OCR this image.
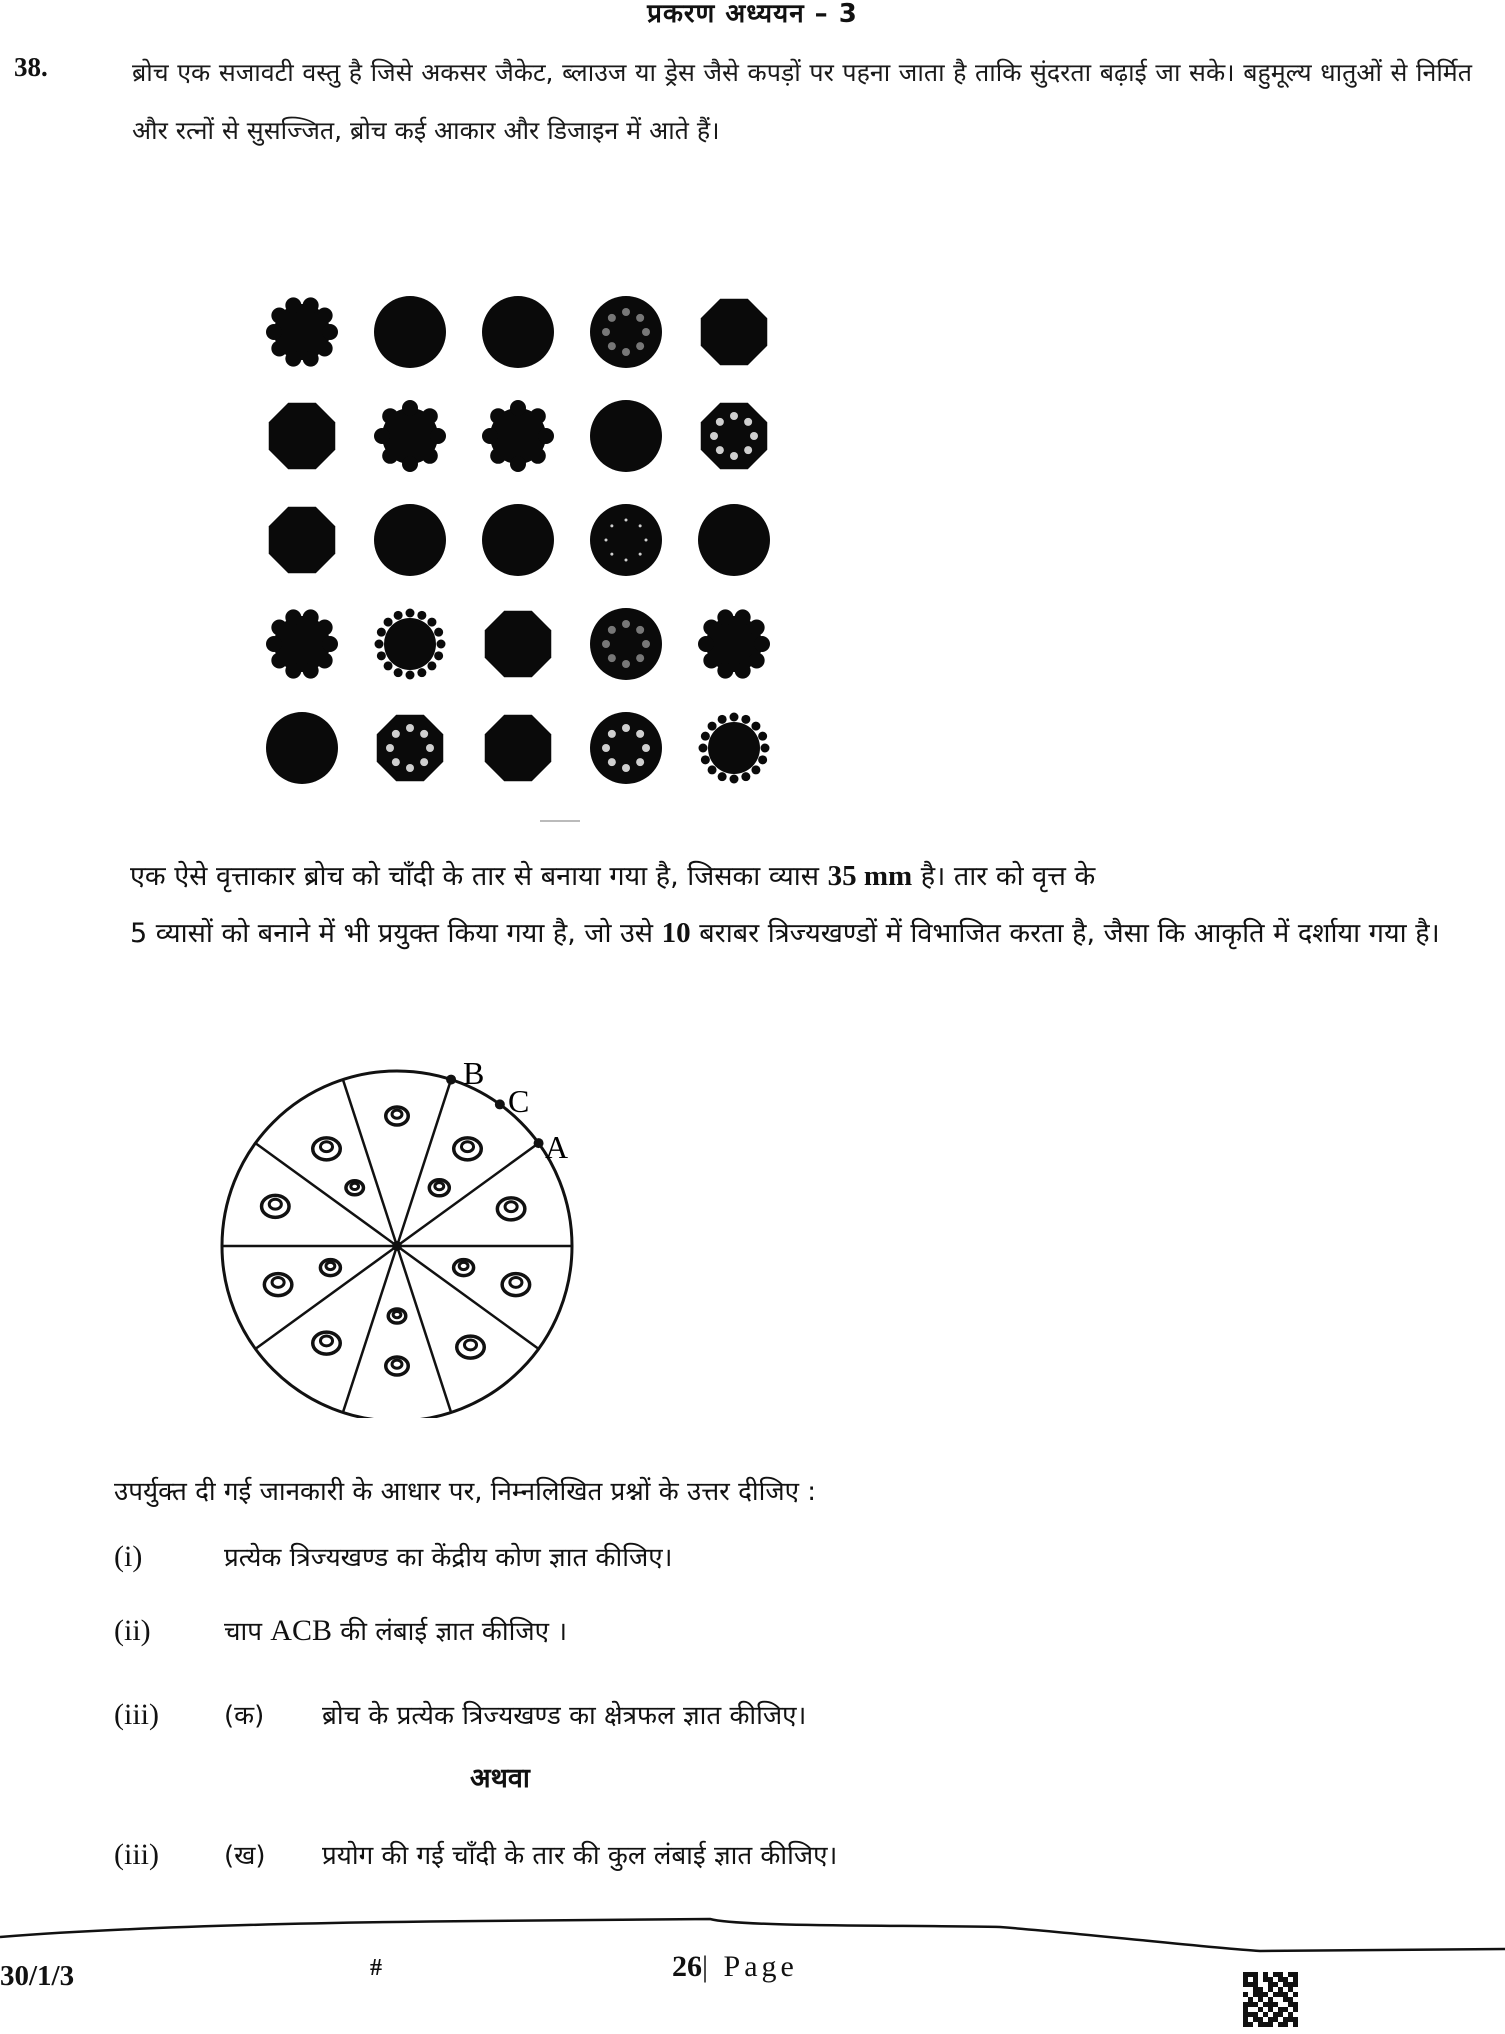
प्रकरण अध्ययन – 3
38.	ब्रोच एक सजावटी वस्तु है जिसे अकसर जैकेट, ब्लाउज या ड्रेस जैसे कपड़ों पर पहना जाता है ताकि सुंदरता बढ़ाई जा सके। बहुमूल्य धातुओं से निर्मित और रत्नों से सुसज्जित, ब्रोच कई आकार और डिजाइन में आते हैं।
एक ऐसे वृत्ताकार ब्रोच को चाँदी के तार से बनाया गया है, जिसका व्यास 35 mm है। तार को वृत्त के
5 व्यासों को बनाने में भी प्रयुक्त किया गया है, जो उसे 10 बराबर त्रिज्यखण्डों में विभाजित करता है, जैसा कि आकृति में दर्शाया गया है।
B
C
A
उपर्युक्त दी गई जानकारी के आधार पर, निम्नलिखित प्रश्नों के उत्तर दीजिए :
(i)	प्रत्येक त्रिज्यखण्ड का केंद्रीय कोण ज्ञात कीजिए।
(ii)	चाप
ACB
की लंबाई ज्ञात कीजिए ।
(iii)	(क)	ब्रोच के प्रत्येक त्रिज्यखण्ड का क्षेत्रफल ज्ञात कीजिए।
अथवा
(iii)	(ख)	प्रयोग की गई चाँदी के तार की कुल लंबाई ज्ञात कीजिए।
30/1/3	#	26| Page
